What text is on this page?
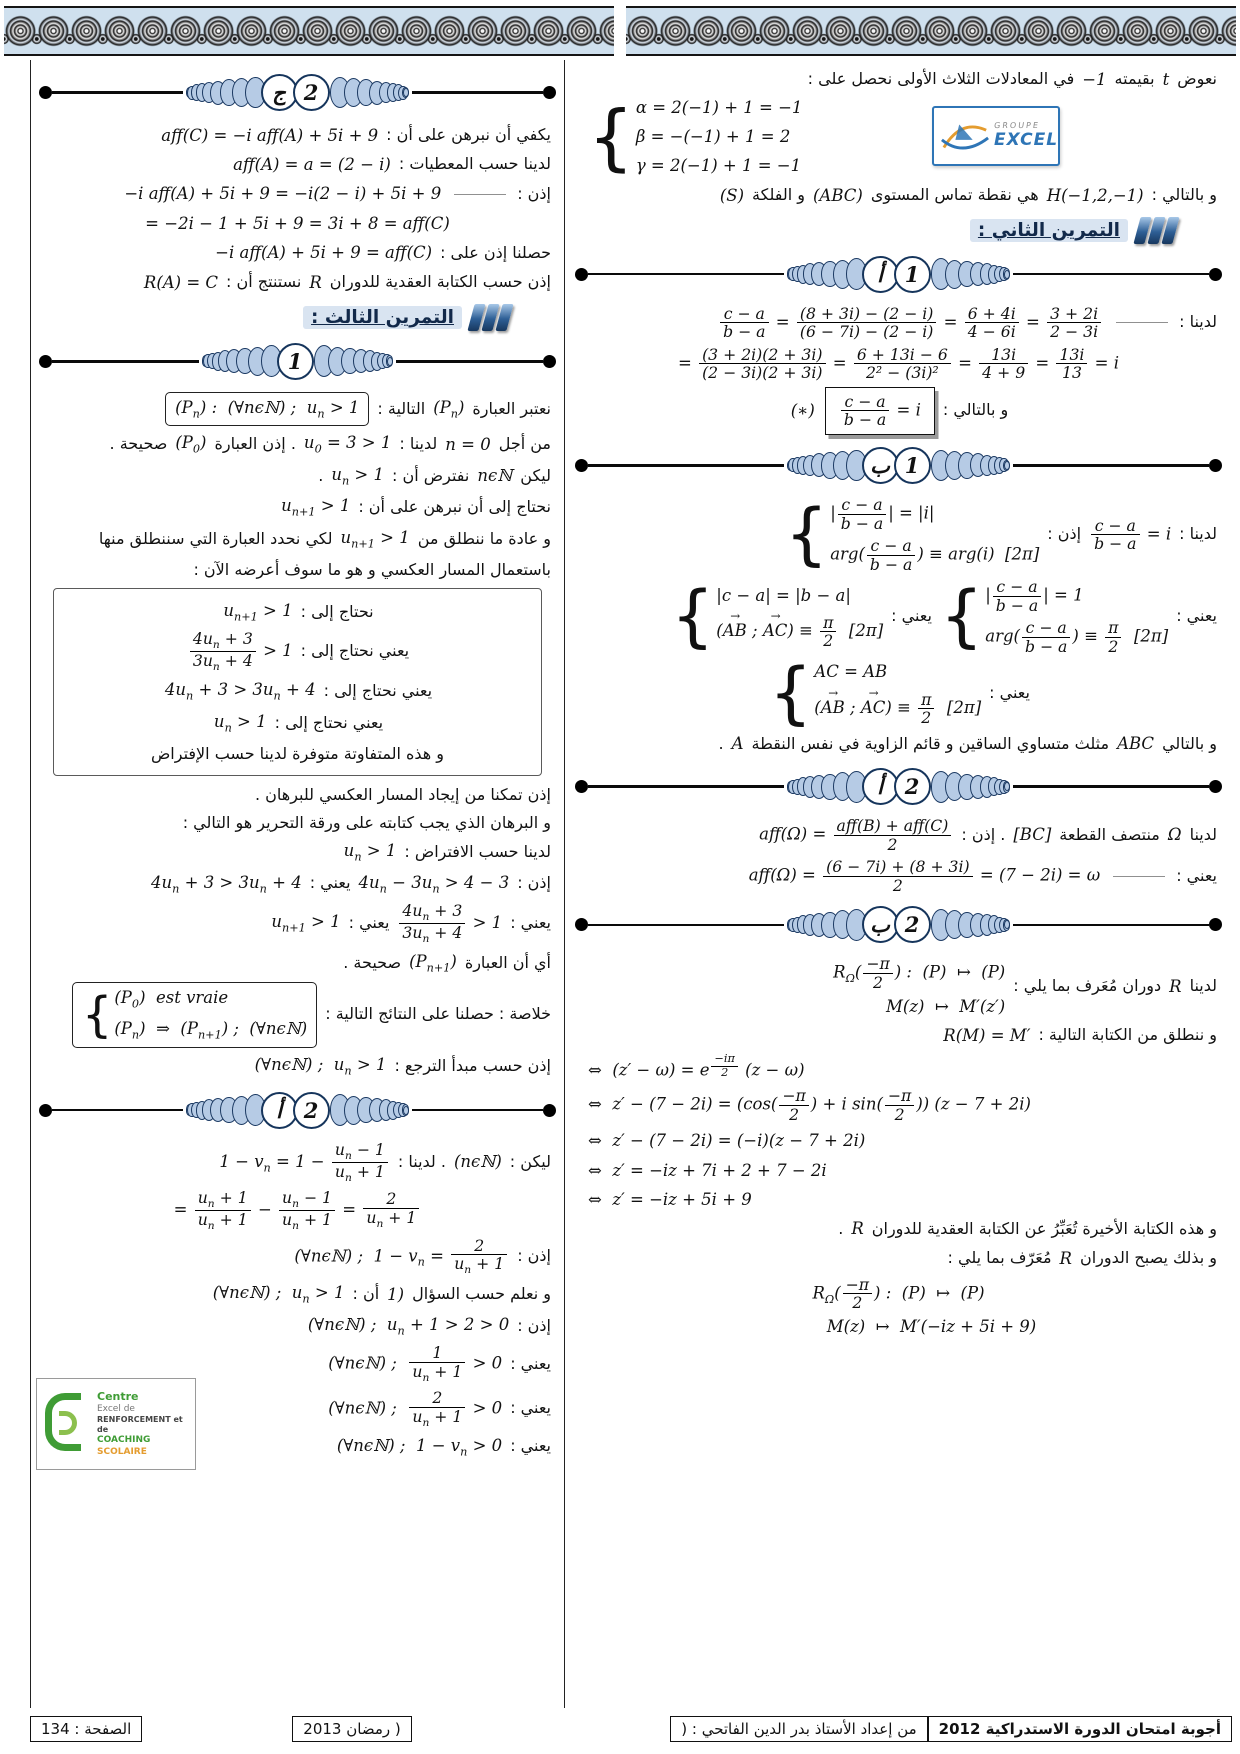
نعوضtبقيمته−1في المعادلات الثلاث الأولى نحصل على :
{ α = 2(−1) + 1 = −1
β = −(−1) + 1 = 2
γ = 2(−1) + 1 = −1
و بالتالي :H(−1,2,−1)هي نقطة تماس المستوى(ABC)و الفلكة(S)
التمرين الثاني :
أ	1
لدينا :
$\frac{c - a}{b - a} = \frac{(8 + 3i) - (2 - i)}{(6 - 7i) - (2 - i)} = \frac{6 + 4i}{4 - 6i} = \frac{3 + 2i}{2 - 3i}$
= $\frac{(3 + 2i)(2 + 3i)}{(2 - 3i)(2 + 3i)} = \frac{6 + 13i - 6}{\text{2² − (3i)²}} = \frac{13i}{4 + 9} = \frac{13i}{13} = i$
و بالتالي :
$\frac{c - a}{b - a}$ = i(∗)
ب 1
لدينا :
$\frac{c - a}{b - a}$ = iإذن :
{ | $\frac{c - a}{b - a}$ | = |i|
$arg( \frac{c - a}{b - a}$ ) ≡ arg(i)  [2π]
يعني :
{ | $\frac{c - a}{b - a}$ | = 1
$arg( \frac{c - a}{b - a}$ ) ≡ $\frac{\pi}{2} [2\pi]$
يعني :
{ |c − a| = |b − a|
(→ AB ; → $AC) \equiv \frac{\pi}{2} [2\pi]$
يعني :
{ AC = AB
(→ AB ; → $AC) \equiv \frac{\pi}{2} [2\pi]$
و بالتاليABCمثلث متساوي الساقين و قائم الزاوية في نفس النقطةA.
أ	2
لديناΩمنتصف القطعة[BC]. إذن :aff(Ω) = $\frac{\text{aff(B) + aff(C)}}{2}$
يعني :aff(Ω) = $\frac{(6 - 7i) + (8 + 3i)}{2} = (7 - 2i) = \omega$
ب 2
لديناRدوران مُعَرف بما يلي :
$R_\Omega( \frac{-\pi}{2}$ ) :  (P)  ↦  (P)
M(z)  ↦  M′(z′)
و ننطلق من الكتابة التالية :R(M) = M′
⇔  (z′ − ω) = e $^{\frac{-i\pi}{2}}$ (z − ω)
⇔  $z' - (7 - 2i) = (\cos( \frac{-\pi}{2}$ ) + i $\sin( \frac{-\pi}{2}$ )) (z − 7 + 2i)
⇔  z′ − (7 − 2i) = (−i)(z − 7 + 2i)
⇔  z′ = −iz + 7i + 2 + 7 − 2i
⇔  z′ = −iz + 5i + 9
و هذه الكتابة الأخيرة تُعَبِّرُ عن الكتابة العقدية للدورانR.
و بذلك يصبح الدورانRمُعَرّف بما يلي :
$R_\Omega( \frac{-\pi}{2}$ ) :  (P)  ↦  (P)
M(z)  ↦  M′(−iz + 5i + 9)
ج 2
يكفي أن نبرهن على أن :aff(C) = −i aff(A) + 5i + 9
لدينا حسب المعطيات :aff(A) = a = (2 − i)
إذن :−i aff(A) + 5i + 9 = −i(2 − i) + 5i + 9
= −2i − 1 + 5i + 9 = 3i + 8 = aff(C)
حصلنا إذن على :−i aff(A) + 5i + 9 = aff(C)
إذن حسب الكتابة العقدية للدورانRنستنتج أن :R(A) = C
التمرين الثالث :
1
نعتبر $العبارة(P_n)التالية$ $:(P_n)$ :  (∀nϵℕ) ;  $u_n > 1$
من أجلn = 0لدينا $:u_0 = 3 > 1$. إذن $العبارة(P_0)صحيحة$ .
ليكنnϵℕنفترض أن $:u_n > 1$.
نحتاج إلى أن نبرهن على أن $:u_{n+1} > 1$
و عادة ما ننطلق منu$_{n+1}$ > 1لكي نحدد العبارة التي سننطلق منها
باستعمال المسار العكسي و هو ما سوف أعرضه الآن :
نحتاج إلى $:u_{n+1} > 1$
يعني نحتاج إلى :
$\frac{4u_n + 3}{3u_n + 4} > 1$
يعني نحتاج إلى $:4u_n + 3 > 3u_n + 4$
يعني نحتاج إلى $:u_n > 1$
و هذه المتفاوتة متوفرة لدينا حسب الإفتراض
إذن تمكنا من إيجاد المسار العكسي للبرهان .
و البرهان الذي يجب كتابته على ورقة التحرير هو التالي :
لدينا حسب الافتراض $:u_n > 1$
إذن $:4u_n - 3u_n > 4$ − 3يعني $:4u_n + 3 > 3u_n + 4$
يعني :
$\frac{4u_n + 3}{3u_n + 4}$ > 1يعني $:u_{n+1} > 1$
أي أن $العبارة(P_{n+1})صحيحة$ .
خلاصة : حصلنا على النتائج التالية :
{ $(P_0)$  est vraie
$(P_n)$  ⇒  $(P_{n+1})$ ;  (∀nϵℕ)
إذن حسب مبدأ الترجع :(∀nϵℕ) ;  $u_n > 1$
أ	2
ليكن :(nϵℕ). لدينا :1 − $v_n = 1 - \frac{u_n - 1}{u_n + 1}$
= $\frac{u_n + 1}{u_n + 1} - \frac{u_n - 1}{u_n + 1} = \frac{2}{u_n + 1}$
إذن :(∀nϵℕ) ;  $1 - v_n = \frac{2}{u_n + 1}$
و نعلم حسب السؤال1)أن :(∀nϵℕ) ;  $u_n > 1$
إذن :(∀nϵℕ) ;  $u_n + 1 > 2 > 0$
يعني :(∀nϵℕ) ; $\frac{1}{u_n + 1} > 0$
يعني :(∀nϵℕ) ; $\frac{2}{u_n + 1} > 0$
يعني :(∀nϵℕ) ;  $1 - v_n > 0$
GROUPE
EXCEL
Centre
Excel de
RENFORCEMENT et de
COACHING
SCOLAIRE
الصفحة : 134	( رمضان 2013	من إعداد الأستاذ بدر الدين الفاتحي : (	أجوبة امتحان الدورة الاستدراكية 2012
